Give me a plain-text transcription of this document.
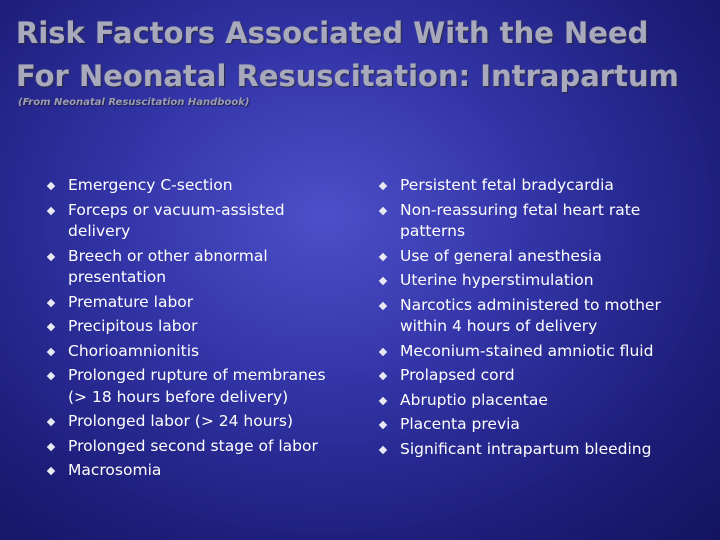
Risk Factors Associated With the Need
For Neonatal Resuscitation: Intrapartum
(From Neonatal Resuscitation Handbook)
Emergency C-section
Forceps or vacuum-assisted delivery
Breech or other abnormal presentation
Premature labor
Precipitous labor
Chorioamnionitis
Prolonged rupture of membranes (> 18 hours before delivery)
Prolonged labor (> 24 hours)
Prolonged second stage of labor
Macrosomia
Persistent fetal bradycardia
Non-reassuring fetal heart rate patterns
Use of general anesthesia
Uterine hyperstimulation
Narcotics administered to mother within 4 hours of delivery
Meconium-stained amniotic fluid
Prolapsed cord
Abruptio placentae
Placenta previa
Significant intrapartum bleeding
